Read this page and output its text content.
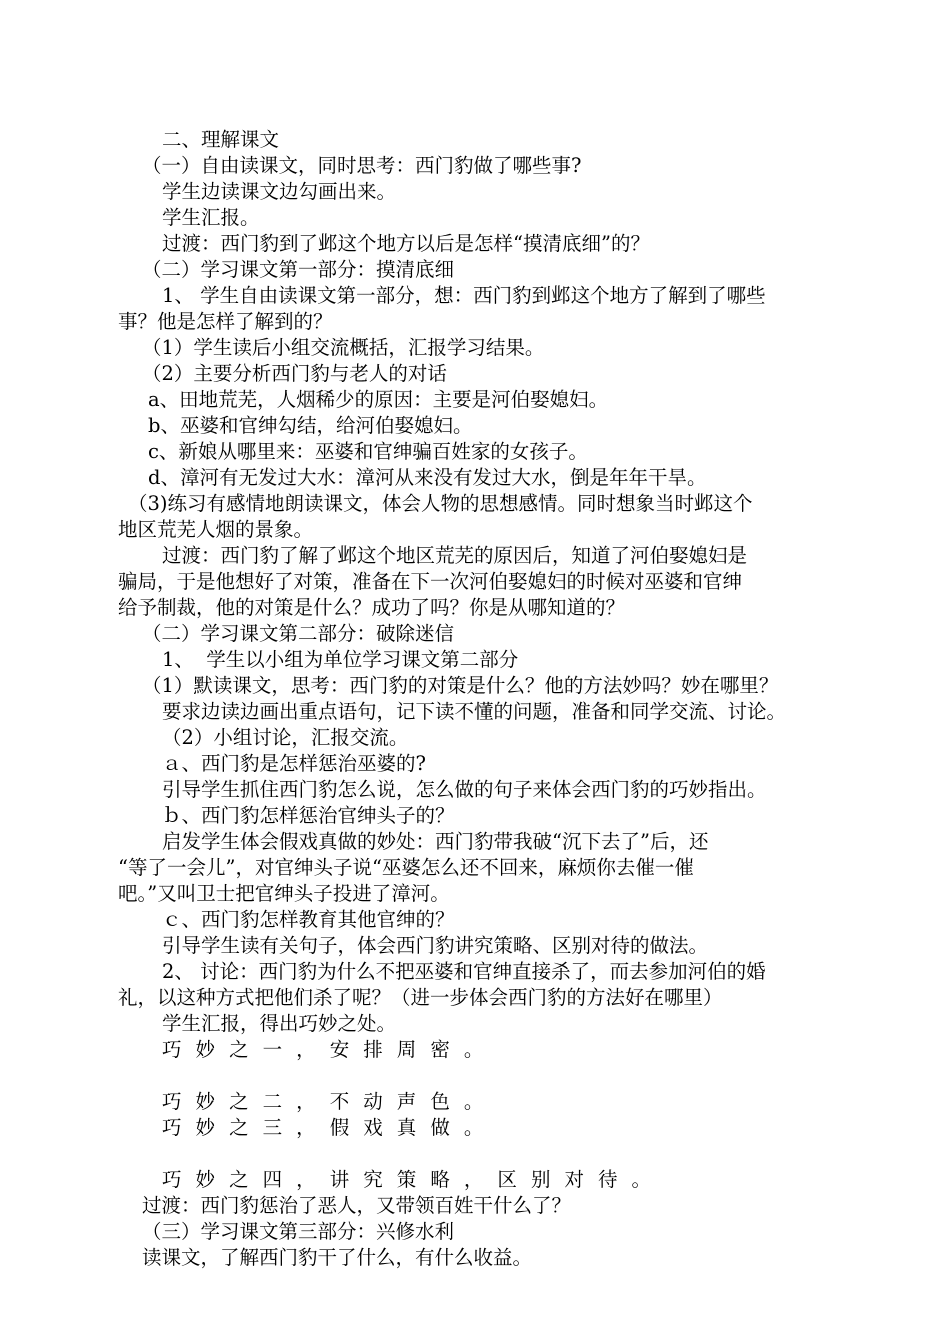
二、理解课文
（一）自由读课文，同时思考：西门豹做了哪些事?
学生边读课文边勾画出来。
学生汇报。
过渡：西门豹到了邺这个地方以后是怎样“摸清底细”的？
（二）学习课文第一部分：摸清底细
1、 学生自由读课文第一部分，想：西门豹到邺这个地方了解到了哪些
事？他是怎样了解到的？
（1）学生读后小组交流概括，汇报学习结果。
（2）主要分析西门豹与老人的对话
a、田地荒芜，人烟稀少的原因：主要是河伯娶媳妇。
b、巫婆和官绅勾结，给河伯娶媳妇。
c、新娘从哪里来：巫婆和官绅骗百姓家的女孩子。
d、漳河有无发过大水：漳河从来没有发过大水，倒是年年干旱。
（3)练习有感情地朗读课文，体会人物的思想感情。同时想象当时邺这个
地区荒芜人烟的景象。
过渡：西门豹了解了邺这个地区荒芜的原因后，知道了河伯娶媳妇是
骗局，于是他想好了对策，准备在下一次河伯娶媳妇的时候对巫婆和官绅
给予制裁，他的对策是什么？成功了吗？你是从哪知道的？
（二）学习课文第二部分：破除迷信
1、  学生以小组为单位学习课文第二部分
（1）默读课文，思考：西门豹的对策是什么？他的方法妙吗？妙在哪里？
要求边读边画出重点语句，记下读不懂的问题，准备和同学交流、讨论。
（2）小组讨论，汇报交流。
ａ、西门豹是怎样惩治巫婆的?
引导学生抓住西门豹怎么说，怎么做的句子来体会西门豹的巧妙指出。
ｂ、西门豹怎样惩治官绅头子的？
启发学生体会假戏真做的妙处：西门豹带我破“沉下去了”后，还
“等了一会儿”，对官绅头子说“巫婆怎么还不回来，麻烦你去催一催
吧。”又叫卫士把官绅头子投进了漳河。
ｃ、西门豹怎样教育其他官绅的？
引导学生读有关句子，体会西门豹讲究策略、区别对待的做法。
2、 讨论：西门豹为什么不把巫婆和官绅直接杀了，而去参加河伯的婚
礼，以这种方式把他们杀了呢？（进一步体会西门豹的方法好在哪里）
学生汇报，得出巧妙之处。
巧妙之一，安排周密。
巧妙之二，不动声色。
巧妙之三，假戏真做。
巧妙之四，讲究策略，区别对待。
过渡：西门豹惩治了恶人，又带领百姓干什么了？
（三）学习课文第三部分：兴修水利
读课文，了解西门豹干了什么，有什么收益。
